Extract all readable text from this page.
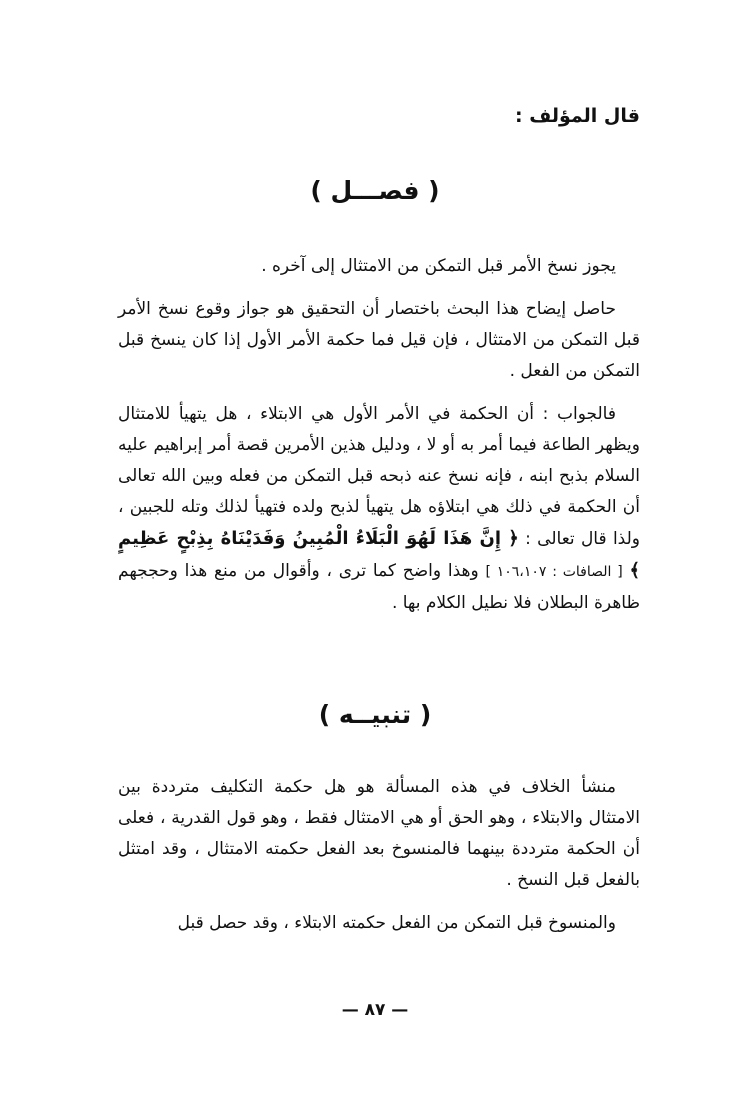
قال المؤلف :
( فصـــل )

يجوز نسخ الأمر قبل التمكن من الامتثال إلى آخره .

حاصل إيضاح هذا البحث باختصار أن التحقيق هو جواز وقوع نسخ الأمر قبل التمكن من الامتثال ، فإن قيل فما حكمة الأمر الأول إذا كان ينسخ قبل التمكن من الفعل .

فالجواب : أن الحكمة في الأمر الأول هي الابتلاء ، هل يتهيأ للامتثال ويظهر الطاعة فيما أمر به أو لا ، ودليل هذين الأمرين قصة أمر إبراهيم عليه السلام بذبح ابنه ، فإنه نسخ عنه ذبحه قبل التمكن من فعله وبين الله تعالى أن الحكمة في ذلك هي ابتلاؤه هل يتهيأ لذبح ولده فتهيأ لذلك وتله للجبين ، ولذا قال تعالى : ﴿ إِنَّ هَذَا لَهُوَ الْبَلَاءُ الْمُبِينُ وَفَدَيْنَاهُ بِذِبْحٍ عَظِيمٍ ﴾ [ الصافات : ١٠٦،١٠٧ ] وهذا واضح كما ترى ، وأقوال من منع هذا وحججهم ظاهرة البطلان فلا نطيل الكلام بها .

( تنبيــه )

منشأ الخلاف في هذه المسألة هو هل حكمة التكليف مترددة بين الامتثال والابتلاء ، وهو الحق أو هي الامتثال فقط ، وهو قول القدرية ، فعلى أن الحكمة مترددة بينهما فالمنسوخ بعد الفعل حكمته الامتثال ، وقد امتثل بالفعل قبل النسخ .

والمنسوخ قبل التمكن من الفعل حكمته الابتلاء ، وقد حصل قبل

— ٨٧ —
